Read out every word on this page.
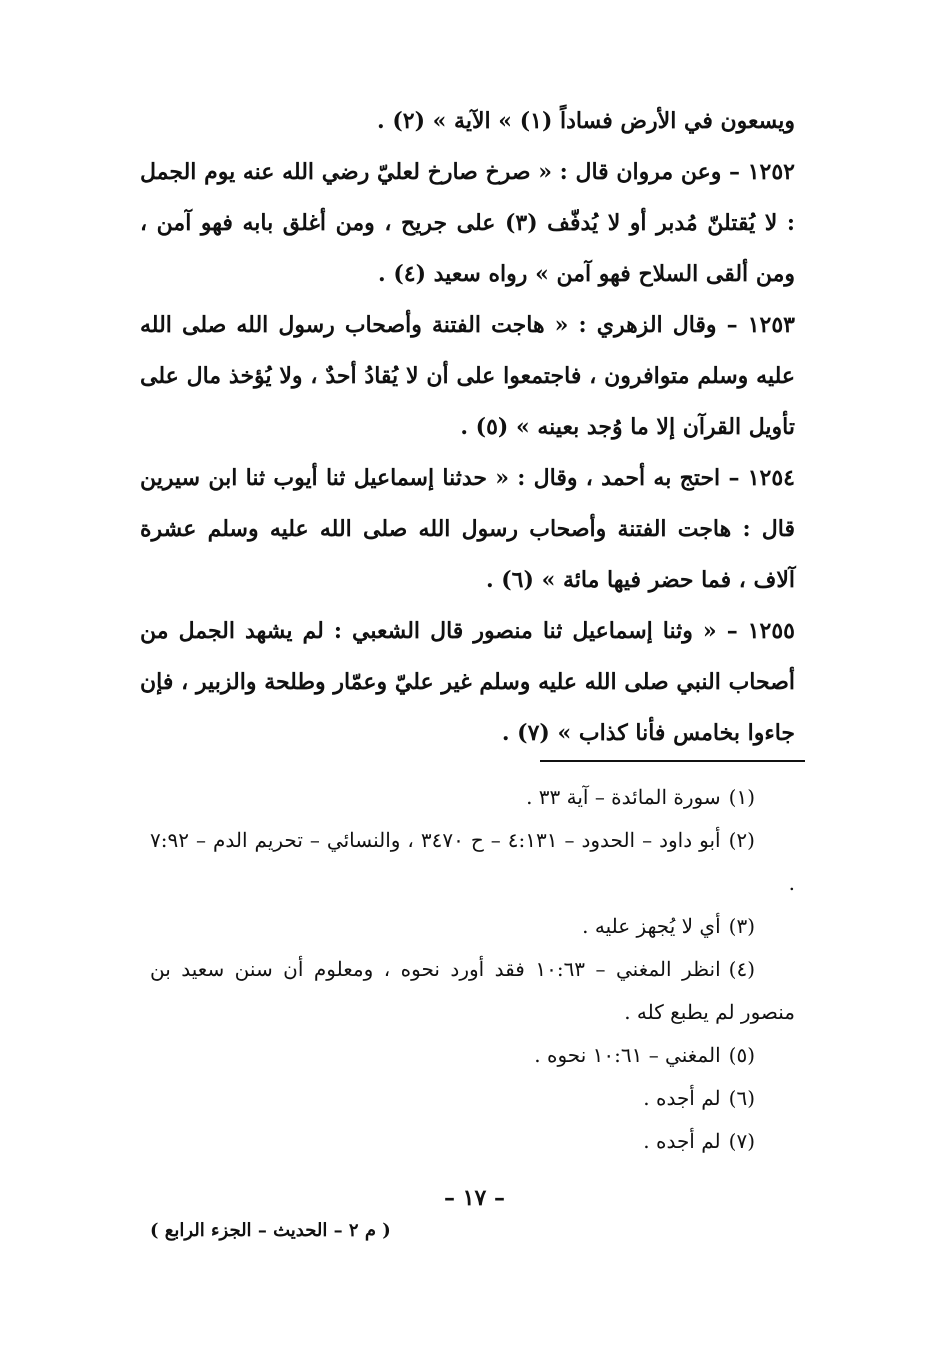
ويسعون في الأرض فساداً (١) » الآية » (٢) .

١٢٥٢ – وعن مروان قال : « صرخ صارخ لعليّ رضي الله عنه يوم الجمل : لا يُقتلنّ مُدبر أو لا يُدفّف (٣) على جريح ، ومن أغلق بابه فهو آمن ، ومن ألقى السلاح فهو آمن » رواه سعيد (٤) .

١٢٥٣ – وقال الزهري : « هاجت الفتنة وأصحاب رسول الله صلى الله عليه وسلم متوافرون ، فاجتمعوا على أن لا يُقادُ أحدٌ ، ولا يُؤخذ مال على تأويل القرآن إلا ما وُجد بعينه » (٥) .

١٢٥٤ – احتج به أحمد ، وقال : « حدثنا إسماعيل ثنا أيوب ثنا ابن سيرين قال : هاجت الفتنة وأصحاب رسول الله صلى الله عليه وسلم عشرة آلاف ، فما حضر فيها مائة » (٦) .

١٢٥٥ – « وثنا إسماعيل ثنا منصور قال الشعبي : لم يشهد الجمل من أصحاب النبي صلى الله عليه وسلم غير عليّ وعمّار وطلحة والزبير ، فإن جاءوا بخامس فأنا كذاب » (٧) .

(١)سورة المائدة – آية ٣٣ .

(٢)أبو داود – الحدود – ٤:١٣١ – ح ٣٤٧٠ ، والنسائي – تحريم الدم – ٧:٩٢ .

(٣)أي لا يُجهز عليه .

(٤)انظر المغني – ١٠:٦٣ فقد أورد نحوه ، ومعلوم أن سنن سعيد بن منصور لم يطبع كله .

(٥)المغني – ١٠:٦١ نحوه .

(٦)لم أجده .

(٧)لم أجده .

– ١٧ –
( م ٢ – الحديث – الجزء الرابع )
